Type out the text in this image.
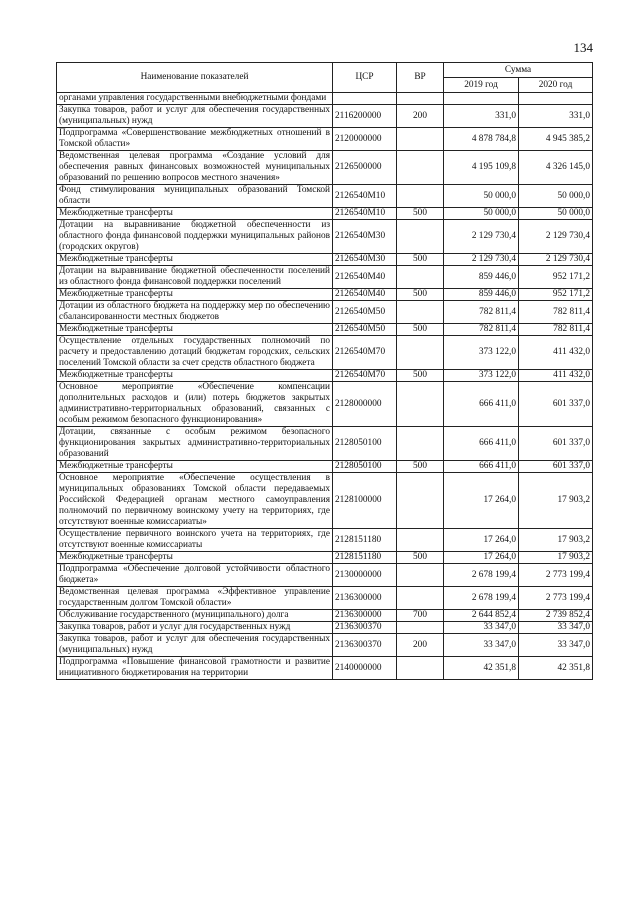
134
Наименование показателей	ЦСР	ВР	Сумма	
			2019 год	2020 год
органами управления государственными внебюджетными фондами				
Закупка товаров, работ и услуг для обеспечения государственных (муниципальных) нужд	2116200000	200	331,0	331,0
Подпрограмма «Совершенствование межбюджетных отношений в Томской области»	2120000000		4 878 784,8	4 945 385,2
Ведомственная целевая программа «Создание условий для обеспечения равных финансовых возможностей муниципальных образований по решению вопросов местного значения»	2126500000		4 195 109,8	4 326 145,0
Фонд стимулирования муниципальных образований Томской области	2126540М10		50 000,0	50 000,0
Межбюджетные трансферты	2126540М10	500	50 000,0	50 000,0
Дотации на выравнивание бюджетной обеспеченности из областного фонда финансовой поддержки муниципальных районов (городских округов)	2126540М30		2 129 730,4	2 129 730,4
Межбюджетные трансферты	2126540М30	500	2 129 730,4	2 129 730,4
Дотации на выравнивание бюджетной обеспеченности поселений из областного фонда финансовой поддержки поселений	2126540М40		859 446,0	952 171,2
Межбюджетные трансферты	2126540М40	500	859 446,0	952 171,2
Дотации из областного бюджета на поддержку мер по обеспечению сбалансированности местных бюджетов	2126540М50		782 811,4	782 811,4
Межбюджетные трансферты	2126540М50	500	782 811,4	782 811,4
Осуществление отдельных государственных полномочий по расчету и предоставлению дотаций бюджетам городских, сельских поселений Томской области за счет средств областного бюджета	2126540М70		373 122,0	411 432,0
Межбюджетные трансферты	2126540М70	500	373 122,0	411 432,0
Основное мероприятие «Обеспечение компенсации дополнительных расходов и (или) потерь бюджетов закрытых административно-территориальных образований, связанных с особым режимом безопасного функционирования»	2128000000		666 411,0	601 337,0
Дотации, связанные с особым режимом безопасного функционирования закрытых административно-территориальных образований	2128050100		666 411,0	601 337,0
Межбюджетные трансферты	2128050100	500	666 411,0	601 337,0
Основное мероприятие «Обеспечение осуществления в муниципальных образованиях Томской области передаваемых Российской Федерацией органам местного самоуправления полномочий по первичному воинскому учету на территориях, где отсутствуют военные комиссариаты»	2128100000		17 264,0	17 903,2
Осуществление первичного воинского учета на территориях, где отсутствуют военные комиссариаты	2128151180		17 264,0	17 903,2
Межбюджетные трансферты	2128151180	500	17 264,0	17 903,2
Подпрограмма «Обеспечение долговой устойчивости областного бюджета»	2130000000		2 678 199,4	2 773 199,4
Ведомственная целевая программа «Эффективное управление государственным долгом Томской области»	2136300000		2 678 199,4	2 773 199,4
Обслуживание государственного (муниципального) долга	2136300000	700	2 644 852,4	2 739 852,4
Закупка товаров, работ и услуг для государственных нужд	2136300370		33 347,0	33 347,0
Закупка товаров, работ и услуг для обеспечения государственных (муниципальных) нужд	2136300370	200	33 347,0	33 347,0
Подпрограмма «Повышение финансовой грамотности и развитие инициативного бюджетирования на территории	2140000000		42 351,8	42 351,8
